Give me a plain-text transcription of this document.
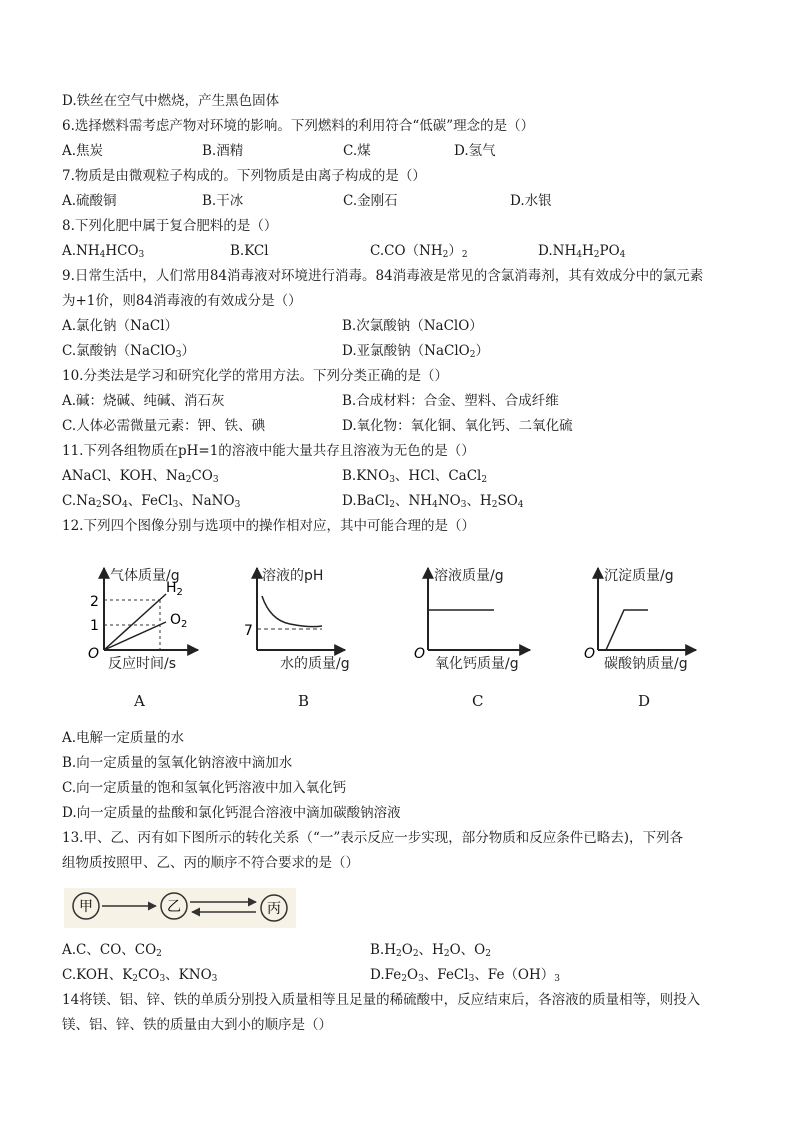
D.铁丝在空气中燃烧，产生黑色固体
6.选择燃料需考虑产物对环境的影响。下列燃料的利用符合“低碳”理念的是（）
A.焦炭	B.酒精	C.煤	D.氢气
7.物质是由微观粒子构成的。下列物质是由离子构成的是（）
A.硫酸铜	B.干冰	C.金刚石	D.水银
8.下列化肥中属于复合肥料的是（）
$A.NH_4HCO_3$	B.KCl	$C.CO(NH_2)_2$	$D.NH_4H_2PO_4$
9.日常生活中，人们常用84消毒液对环境进行消毒。84消毒液是常见的含氯消毒剂，其有效成分中的氯元素
为+1价，则84消毒液的有效成分是（）
A.氯化钠（NaCl）	B.次氯酸钠（NaClO）
C.氯酸钠（NaClO$_3$）	D.亚氯酸钠（NaClO$_2$）
10.分类法是学习和研究化学的常用方法。下列分类正确的是（）
A.碱：烧碱、纯碱、消石灰	B.合成材料：合金、塑料、合成纤维
C.人体必需微量元素：钾、铁、碘	D.氧化物：氧化铜、氧化钙、二氧化硫
11.下列各组物质在pH=1的溶液中能大量共存且溶液为无色的是（）
ANaCl、KOH、$Na_2CO_3$	$B.KNO_3$、HCl、CaCl$_2$
$C.Na_2SO_4$、FeCl$_3$、NaNO$_3$	D.BaCl$_2$、$NH_4NO_3$、$H_2SO_4$
12.下列四个图像分别与选项中的操作相对应，其中可能合理的是（）
气体质量/g
反应时间/s
O
2
1
$H_2$
$O_2$
溶液的pH
水的质量/g
7
溶液质量/g
氧化钙质量/g
O
沉淀质量/g
碳酸钠质量/g
O
A	B	C	D
A.电解一定质量的水
B.向一定质量的氢氧化钠溶液中滴加水
C.向一定质量的饱和氢氧化钙溶液中加入氧化钙
D.向一定质量的盐酸和氯化钙混合溶液中滴加碳酸钠溶液
13.甲、乙、丙有如下图所示的转化关系（“一”表示反应一步实现，部分物质和反应条件已略去)，下列各
组物质按照甲、乙、丙的顺序不符合要求的是（）
甲	乙	丙
A.C、CO、$CO_2$	$B.H_2O_2$、$H_2O$、$O_2$
C.KOH、$K_2CO_3$、$KNO_3$	$D.Fe_2O_3$、FeCl$_3$、$Fe(OH)_3$
14将镁、铝、锌、铁的单质分别投入质量相等且足量的稀硫酸中，反应结束后，各溶液的质量相等，则投入
镁、铝、锌、铁的质量由大到小的顺序是（）
